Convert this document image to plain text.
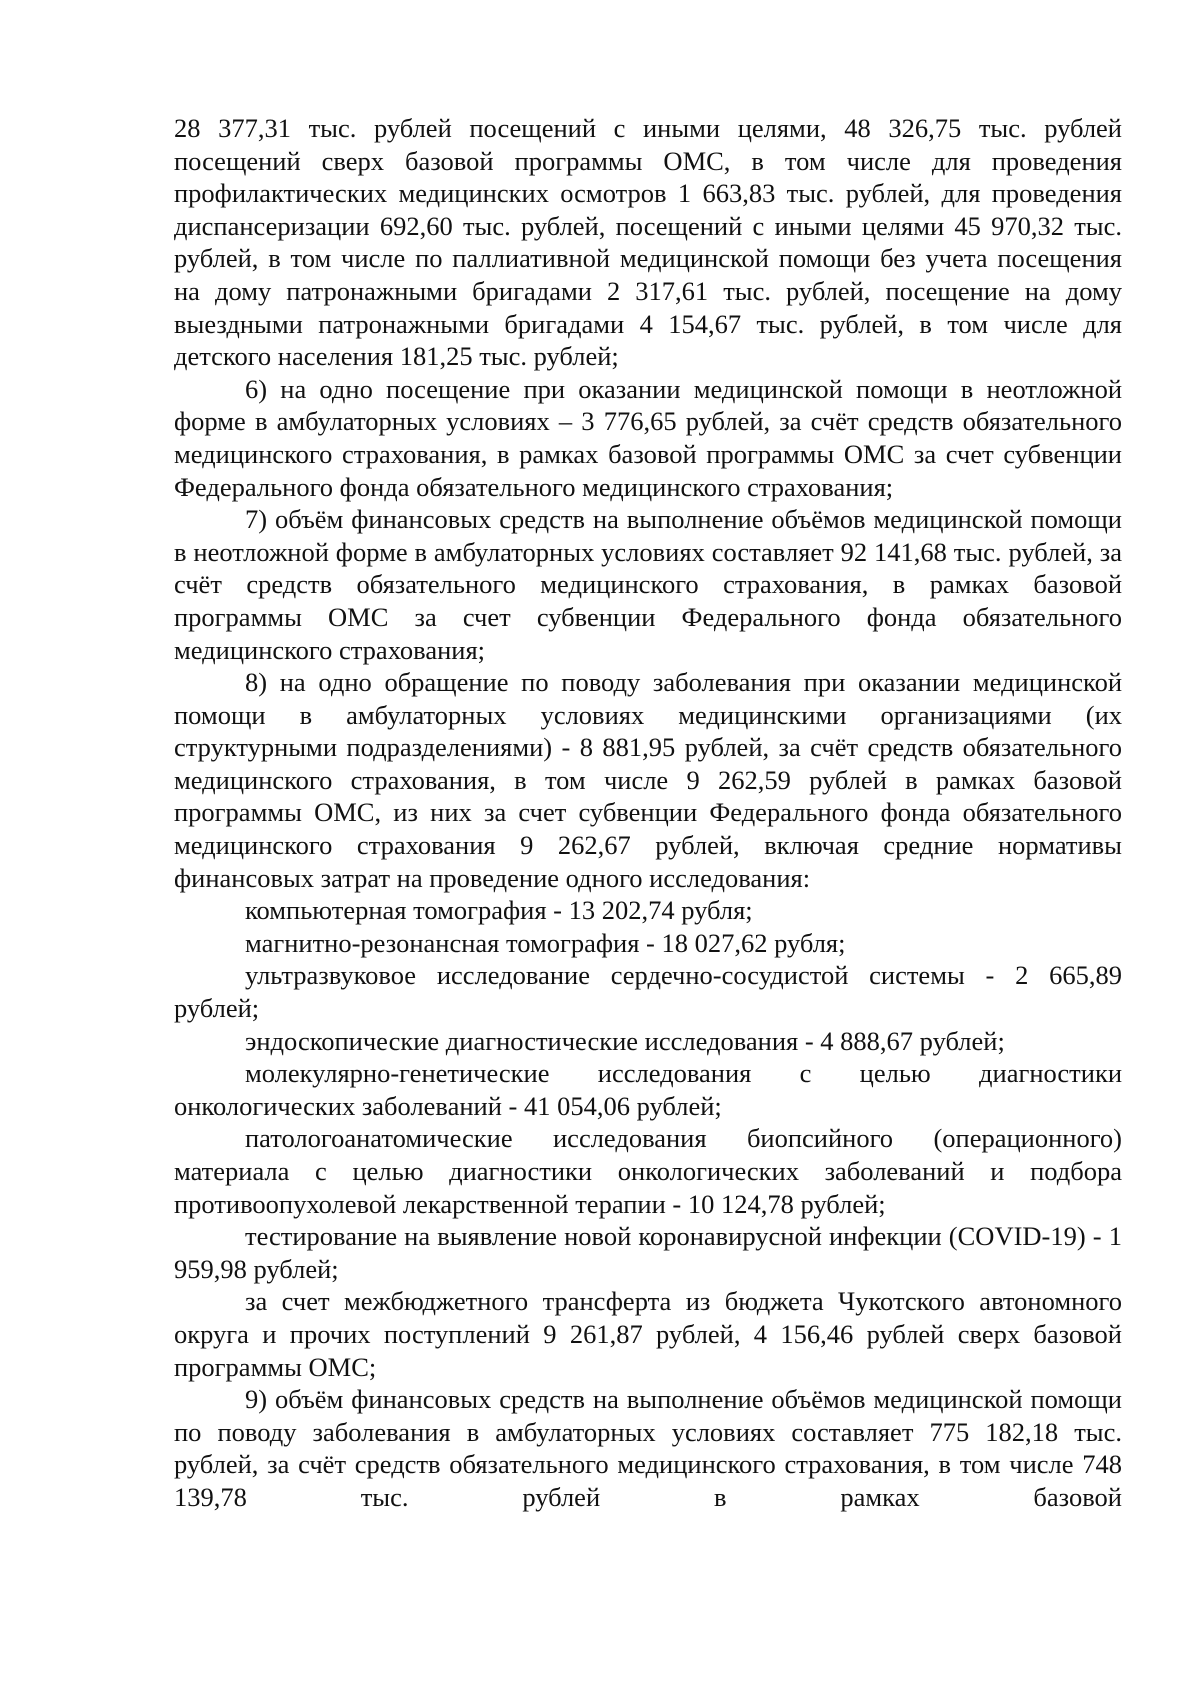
28 377,31 тыс. рублей посещений с иными целями, 48 326,75 тыс. рублей посещений сверх базовой программы ОМС, в том числе для проведения профилактических медицинских осмотров 1 663,83 тыс. рублей, для проведения диспансеризации 692,60 тыс. рублей, посещений с иными целями 45 970,32 тыс. рублей, в том числе по паллиативной медицинской помощи без учета посещения на дому патронажными бригадами 2 317,61 тыс. рублей, посещение на дому выездными патронажными бригадами 4 154,67 тыс. рублей, в том числе для детского населения 181,25 тыс. рублей;

6) на одно посещение при оказании медицинской помощи в неотложной форме в амбулаторных условиях – 3 776,65 рублей, за счёт средств обязательного медицинского страхования, в рамках базовой программы ОМС за счет субвенции Федерального фонда обязательного медицинского страхования;

7) объём финансовых средств на выполнение объёмов медицинской помощи в неотложной форме в амбулаторных условиях составляет 92 141,68 тыс. рублей, за счёт средств обязательного медицинского страхования, в рамках базовой программы ОМС за счет субвенции Федерального фонда обязательного медицинского страхования;

8) на одно обращение по поводу заболевания при оказании медицинской помощи в амбулаторных условиях медицинскими организациями (их структурными подразделениями) - 8 881,95 рублей, за счёт средств обязательного медицинского страхования, в том числе 9 262,59 рублей в рамках базовой программы ОМС, из них за счет субвенции Федерального фонда обязательного медицинского страхования 9 262,67 рублей, включая средние нормативы финансовых затрат на проведение одного исследования:

компьютерная томография - 13 202,74 рубля;

магнитно-резонансная томография - 18 027,62 рубля;

ультразвуковое исследование сердечно-сосудистой системы - 2 665,89 рублей;

эндоскопические диагностические исследования - 4 888,67 рублей;

молекулярно-генетические исследования с целью диагностики онкологических заболеваний - 41 054,06 рублей;

патологоанатомические исследования биопсийного (операционного) материала с целью диагностики онкологических заболеваний и подбора противоопухолевой лекарственной терапии - 10 124,78 рублей;

тестирование на выявление новой коронавирусной инфекции (COVID-19) - 1 959,98 рублей;

за счет межбюджетного трансферта из бюджета Чукотского автономного округа и прочих поступлений 9 261,87 рублей, 4 156,46 рублей сверх базовой программы ОМС;

9) объём финансовых средств на выполнение объёмов медицинской помощи по поводу заболевания в амбулаторных условиях составляет 775 182,18 тыс. рублей, за счёт средств обязательного медицинского страхования, в том числе 748 139,78 тыс. рублей в рамках базовой
